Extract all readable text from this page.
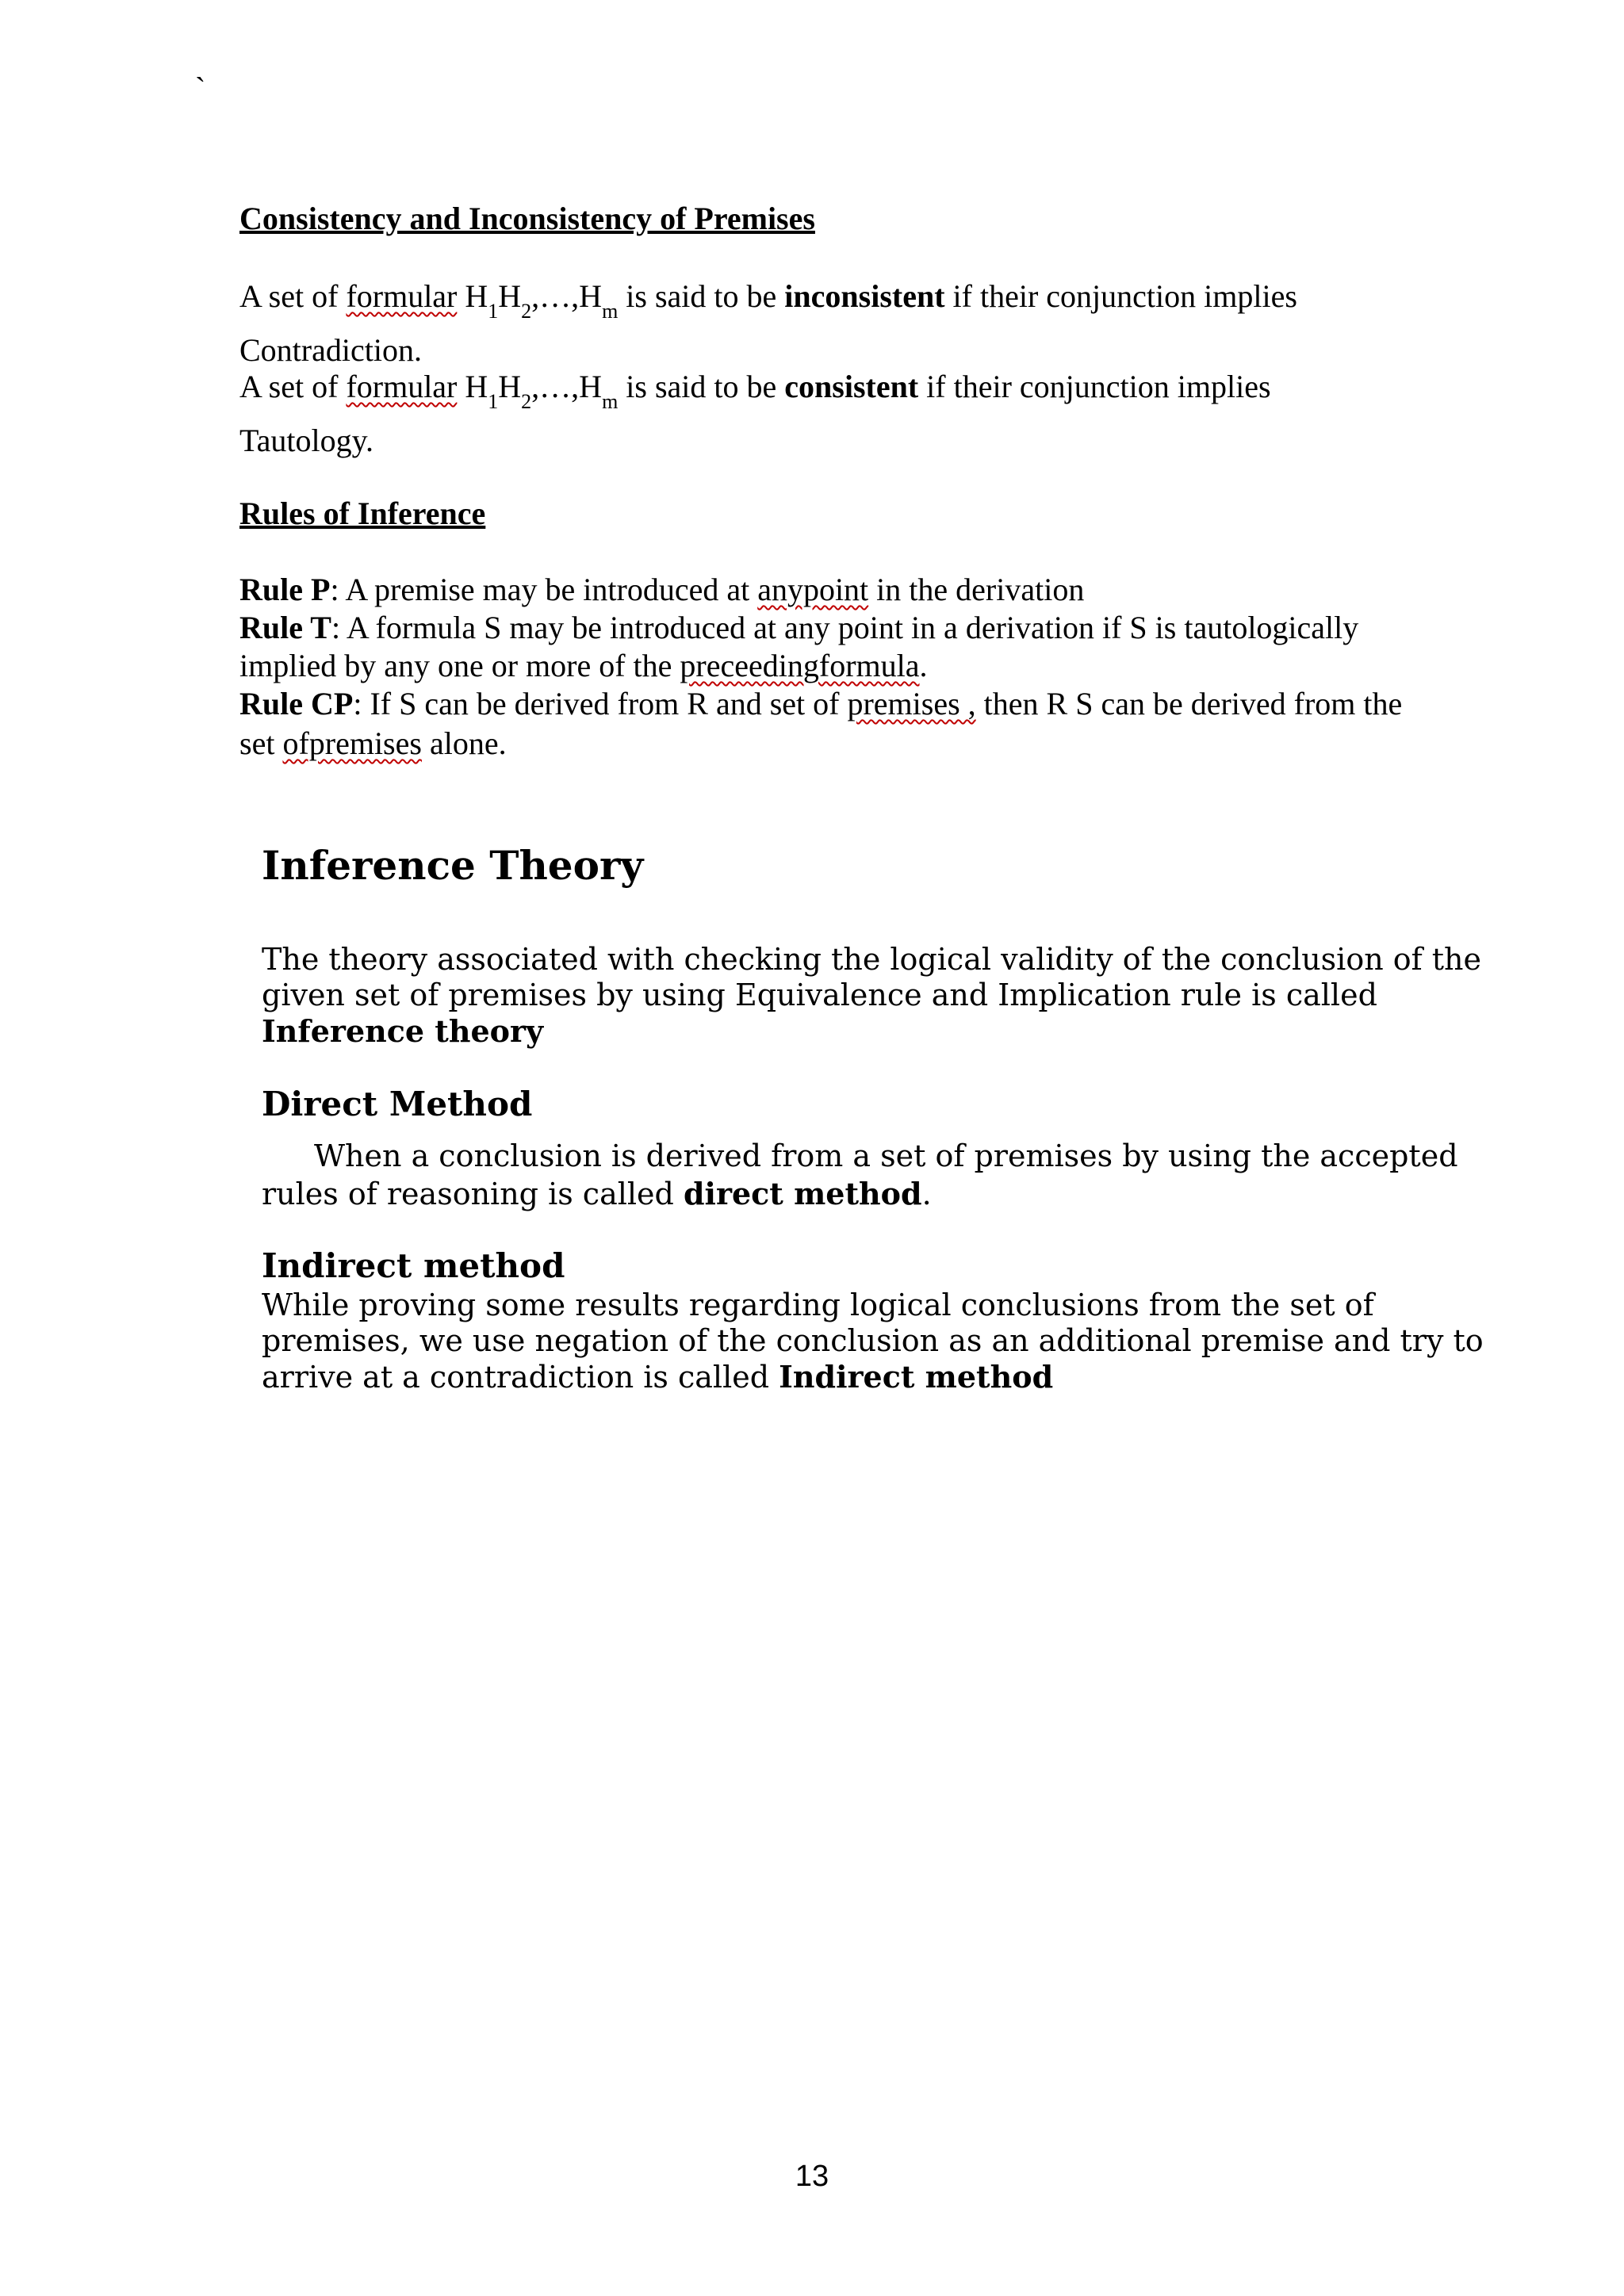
`
Consistency and Inconsistency of Premises
A set of formular $H_1H_2,\dots,H_m$ is said to be inconsistent if their conjunction implies
Contradiction.
A set of formular $H_1H_2,\dots,H_m$ is said to be consistent if their conjunction implies
Tautology.
Rules of Inference
Rule P: A premise may be introduced at anypoint in the derivation
Rule T: A formula S may be introduced at any point in a derivation if S is tautologically
implied by any one or more of the preceedingformula.
Rule CP: If S can be derived from R and set of premises , then R S can be derived from the
set ofpremises alone.
Inference Theory
The theory associated with checking the logical validity of the conclusion of the given set of premises by using Equivalence and Implication rule is called Inference theory
Direct Method
When a conclusion is derived from a set of premises by using the accepted rules of reasoning is called direct method.
Indirect method
While proving some results regarding logical conclusions from the set of premises, we use negation of the conclusion as an additional premise and try to arrive at a contradiction is called Indirect method
13
